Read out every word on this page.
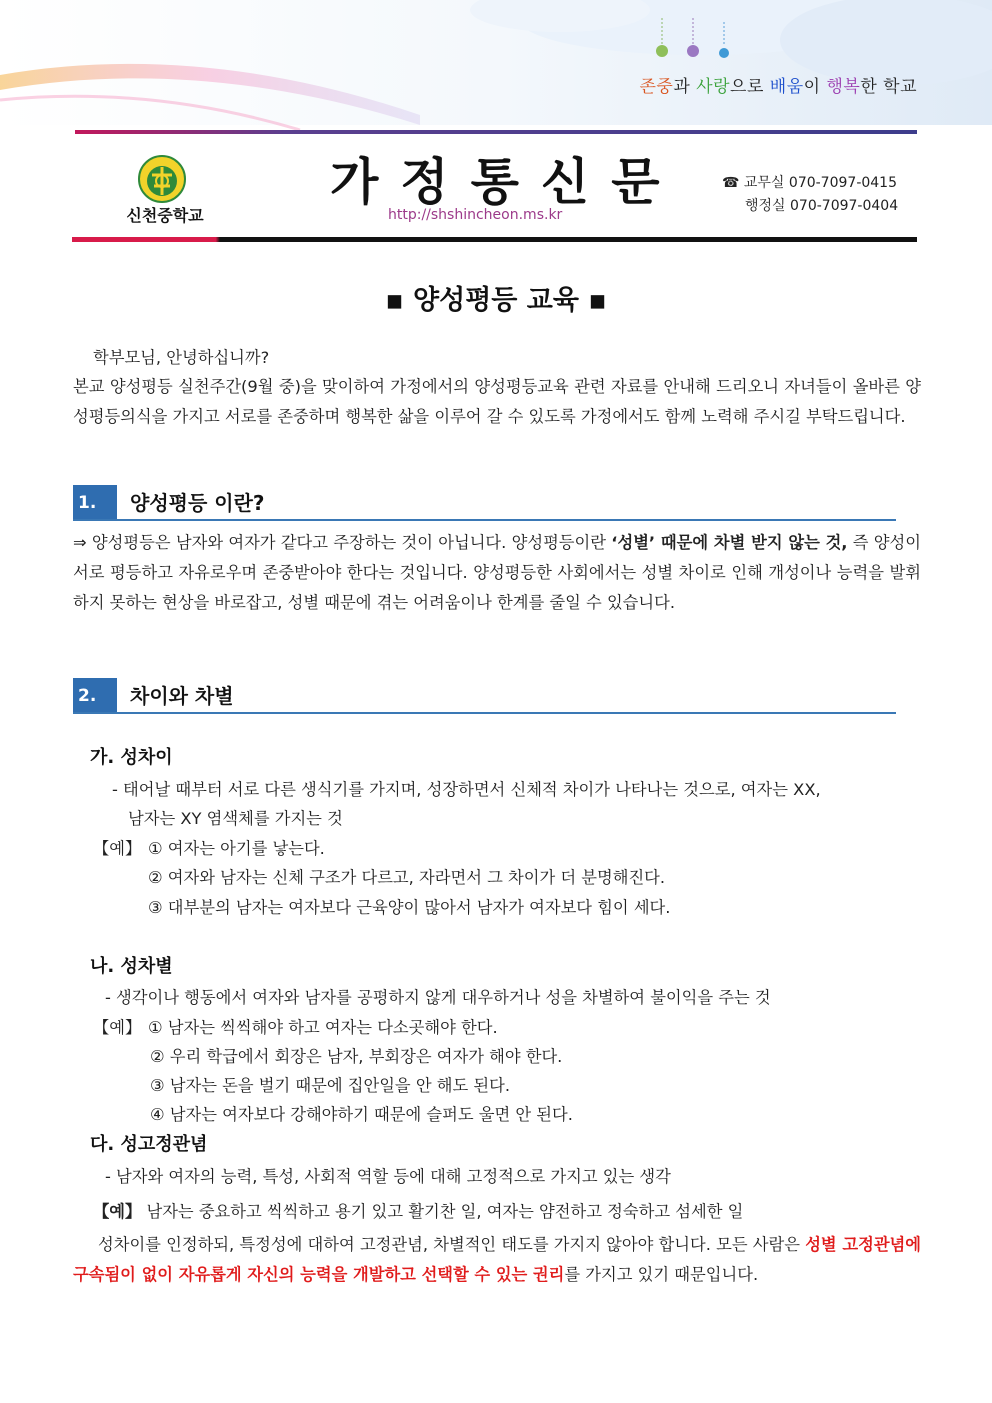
존중과 사랑으로 배움이 행복한 학교
신천중학교
가정통신문
http://shshincheon.ms.kr
☎ 교무실 070-7097-0415
행정실 070-7097-0404
▪ 양성평등 교육 ▪
학부모님, 안녕하십니까?
본교 양성평등 실천주간(9월 중)을 맞이하여 가정에서의 양성평등교육 관련 자료를 안내해 드리오니 자녀들이 올바른 양성평등의식을 가지고 서로를 존중하며 행복한 삶을 이루어 갈 수 있도록 가정에서도 함께 노력해 주시길 부탁드립니다.
1.	양성평등 이란?
⇒ 양성평등은 남자와 여자가 같다고 주장하는 것이 아닙니다. 양성평등이란 ‘성별’ 때문에 차별 받지 않는 것, 즉 양성이 서로 평등하고 자유로우며 존중받아야 한다는 것입니다. 양성평등한 사회에서는 성별 차이로 인해 개성이나 능력을 발휘하지 못하는 현상을 바로잡고, 성별 때문에 겪는 어려움이나 한계를 줄일 수 있습니다.
2.	차이와 차별
가. 성차이
- 태어날 때부터 서로 다른 생식기를 가지며, 성장하면서 신체적 차이가 나타나는 것으로, 여자는 XX,
남자는 XY 염색체를 가지는 것
【예】 ① 여자는 아기를 낳는다.
② 여자와 남자는 신체 구조가 다르고, 자라면서 그 차이가 더 분명해진다.
③ 대부분의 남자는 여자보다 근육양이 많아서 남자가 여자보다 힘이 세다.
나. 성차별
- 생각이나 행동에서 여자와 남자를 공평하지 않게 대우하거나 성을 차별하여 불이익을 주는 것
【예】 ① 남자는 씩씩해야 하고 여자는 다소곳해야 한다.
② 우리 학급에서 회장은 남자, 부회장은 여자가 해야 한다.
③ 남자는 돈을 벌기 때문에 집안일을 안 해도 된다.
④ 남자는 여자보다 강해야하기 때문에 슬퍼도 울면 안 된다.
다. 성고정관념
- 남자와 여자의 능력, 특성, 사회적 역할 등에 대해 고정적으로 가지고 있는 생각
【예】 남자는 중요하고 씩씩하고 용기 있고 활기찬 일, 여자는 얌전하고 정숙하고 섬세한 일
성차이를 인정하되, 특정성에 대하여 고정관념, 차별적인 태도를 가지지 않아야 합니다. 모든 사람은 성별 고정관념에 구속됨이 없이 자유롭게 자신의 능력을 개발하고 선택할 수 있는 권리를 가지고 있기 때문입니다.
